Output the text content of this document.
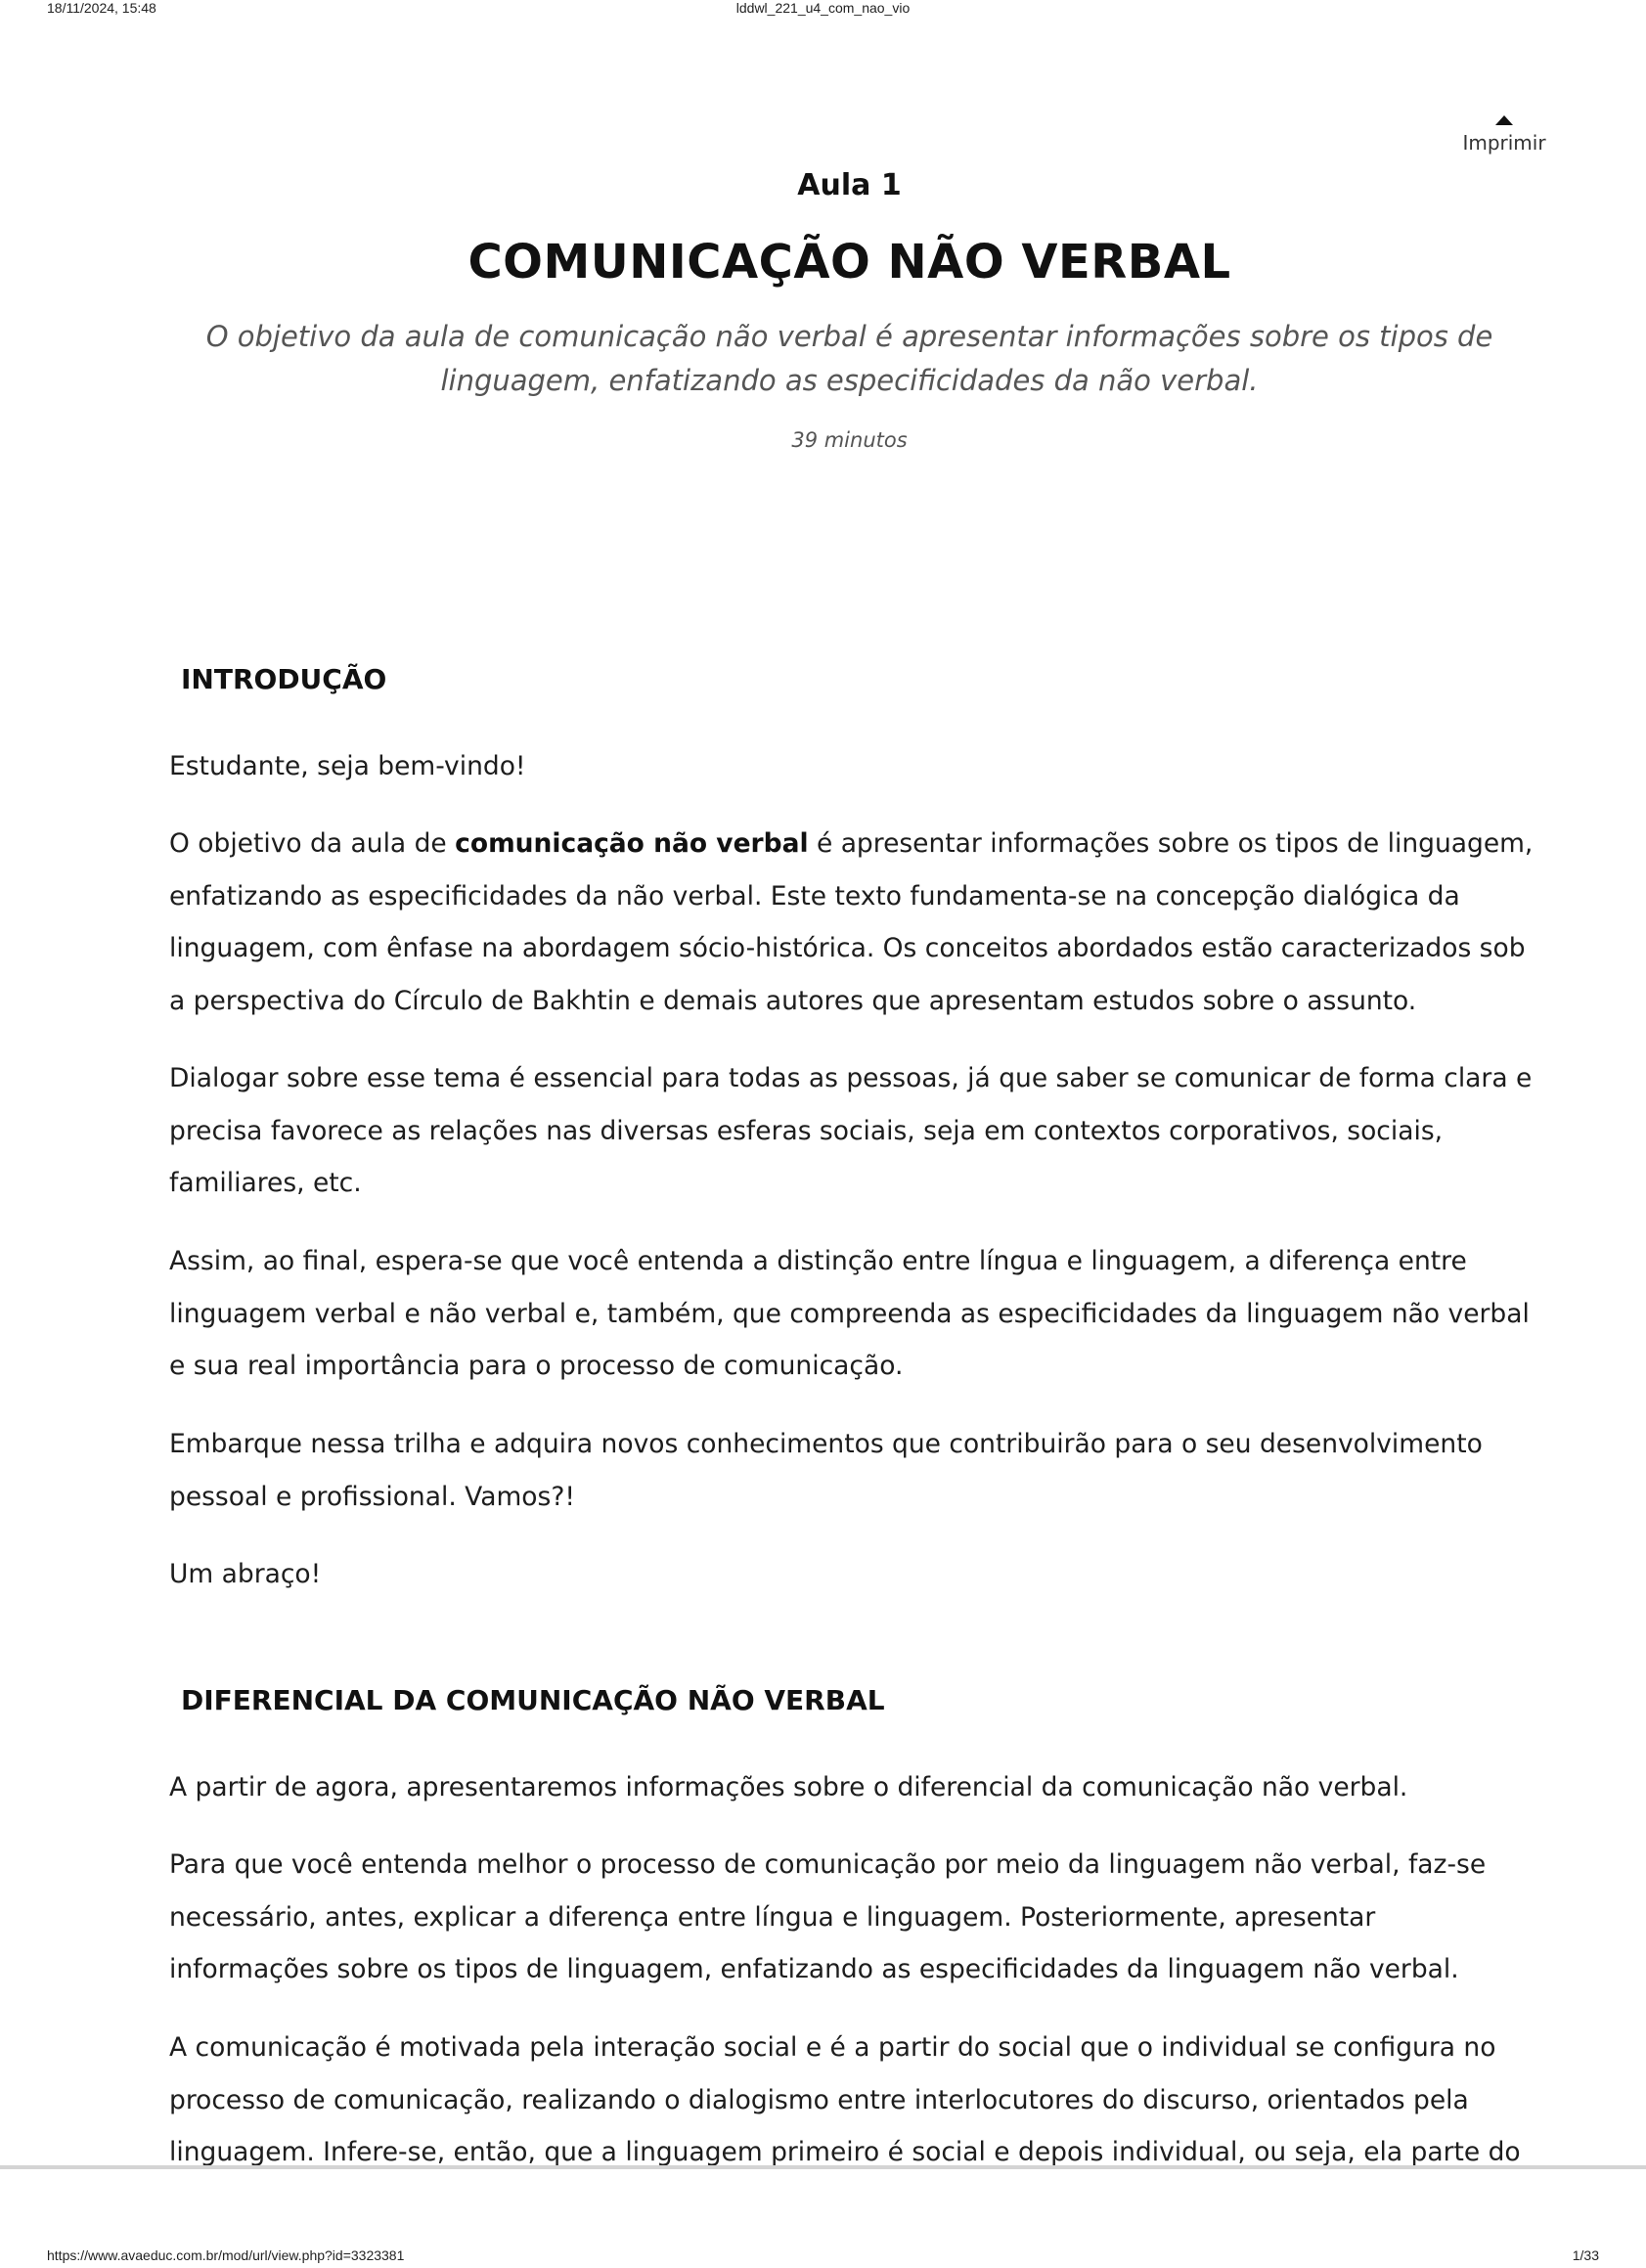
18/11/2024, 15:48	lddwl_221_u4_com_nao_vio
Imprimir
Aula 1
COMUNICAÇÃO NÃO VERBAL

O objetivo da aula de comunicação não verbal é apresentar informações sobre os tipos de linguagem, enfatizando as especificidades da não verbal.

39 minutos
INTRODUÇÃO

Estudante, seja bem-vindo!

O objetivo da aula de comunicação não verbal é apresentar informações sobre os tipos de linguagem, enfatizando as especificidades da não verbal. Este texto fundamenta-se na concepção dialógica da linguagem, com ênfase na abordagem sócio-histórica. Os conceitos abordados estão caracterizados sob a perspectiva do Círculo de Bakhtin e demais autores que apresentam estudos sobre o assunto.

Dialogar sobre esse tema é essencial para todas as pessoas, já que saber se comunicar de forma clara e precisa favorece as relações nas diversas esferas sociais, seja em contextos corporativos, sociais, familiares, etc.

Assim, ao final, espera-se que você entenda a distinção entre língua e linguagem, a diferença entre linguagem verbal e não verbal e, também, que compreenda as especificidades da linguagem não verbal e sua real importância para o processo de comunicação.

Embarque nessa trilha e adquira novos conhecimentos que contribuirão para o seu desenvolvimento pessoal e profissional. Vamos?!

Um abraço!

DIFERENCIAL DA COMUNICAÇÃO NÃO VERBAL

A partir de agora, apresentaremos informações sobre o diferencial da comunicação não verbal.

Para que você entenda melhor o processo de comunicação por meio da linguagem não verbal, faz-se necessário, antes, explicar a diferença entre língua e linguagem. Posteriormente, apresentar informações sobre os tipos de linguagem, enfatizando as especificidades da linguagem não verbal.

A comunicação é motivada pela interação social e é a partir do social que o individual se configura no processo de comunicação, realizando o dialogismo entre interlocutores do discurso, orientados pela linguagem. Infere-se, então, que a linguagem primeiro é social e depois individual, ou seja, ela parte do

https://www.avaeduc.com.br/mod/url/view.php?id=3323381	1/33
